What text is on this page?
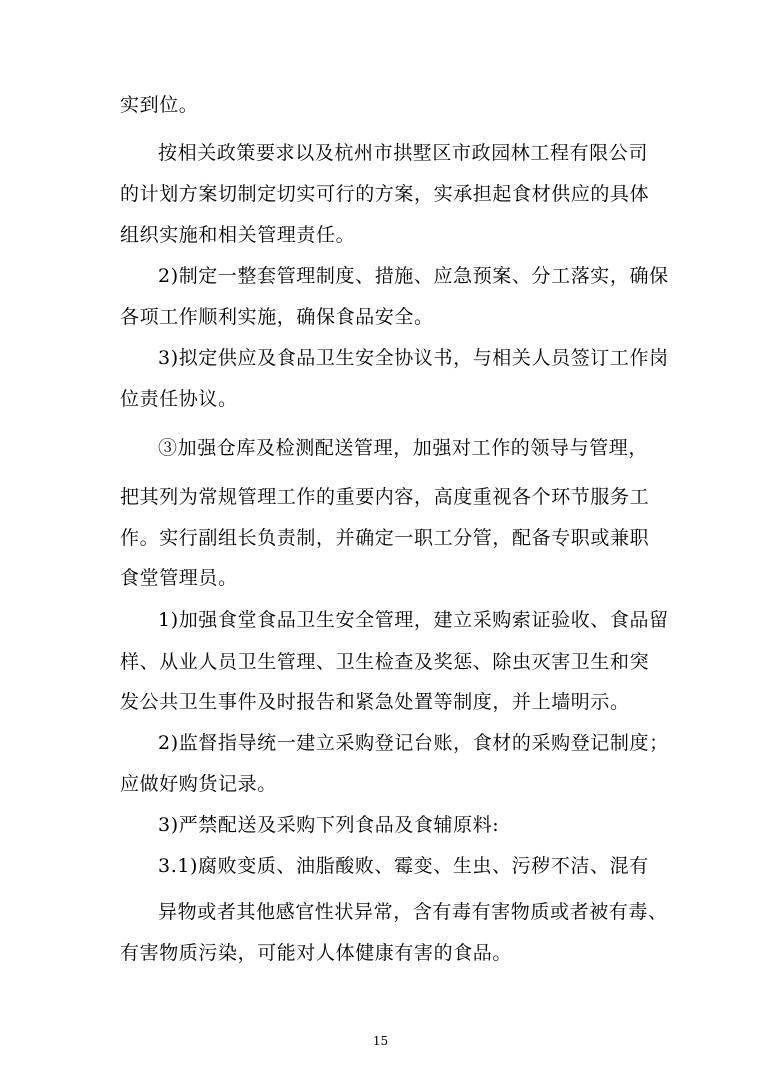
实到位。

按相关政策要求以及杭州市拱墅区市政园林工程有限公司

的计划方案切制定切实可行的方案，实承担起食材供应的具体

组织实施和相关管理责任。

2)制定一整套管理制度、措施、应急预案、分工落实，确保

各项工作顺利实施，确保食品安全。

3)拟定供应及食品卫生安全协议书，与相关人员签订工作岗

位责任协议。

③加强仓库及检测配送管理，加强对工作的领导与管理，

把其列为常规管理工作的重要内容，高度重视各个环节服务工

作。实行副组长负责制，并确定一职工分管，配备专职或兼职

食堂管理员。

1)加强食堂食品卫生安全管理，建立采购索证验收、食品留

样、从业人员卫生管理、卫生检查及奖惩、除虫灭害卫生和突

发公共卫生事件及时报告和紧急处置等制度，并上墙明示。

2)监督指导统一建立采购登记台账，食材的采购登记制度；

应做好购货记录。

3)严禁配送及采购下列食品及食辅原料:

3.1)腐败变质、油脂酸败、霉变、生虫、污秽不洁、混有

异物或者其他感官性状异常，含有毒有害物质或者被有毒、

有害物质污染，可能对人体健康有害的食品。

15
